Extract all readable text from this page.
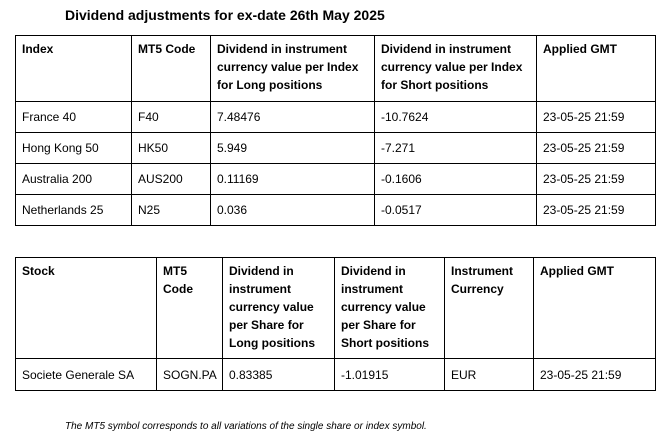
Dividend adjustments for ex-date 26th May 2025
Index	MT5 Code	Dividend in instrument currency value per Index for Long positions	Dividend in instrument currency value per Index for Short positions	Applied GMT
France 40	F40	7.48476	-10.7624	23-05-25 21:59
Hong Kong 50	HK50	5.949	-7.271	23-05-25 21:59
Australia 200	AUS200	0.11169	-0.1606	23-05-25 21:59
Netherlands 25	N25	0.036	-0.0517	23-05-25 21:59
Stock	MT5 Code	Dividend in instrument currency value per Share for Long positions	Dividend in instrument currency value per Share for Short positions	Instrument Currency	Applied GMT
Societe Generale SA	SOGN.PA	0.83385	-1.01915	EUR	23-05-25 21:59
The MT5 symbol corresponds to all variations of the single share or index symbol.
